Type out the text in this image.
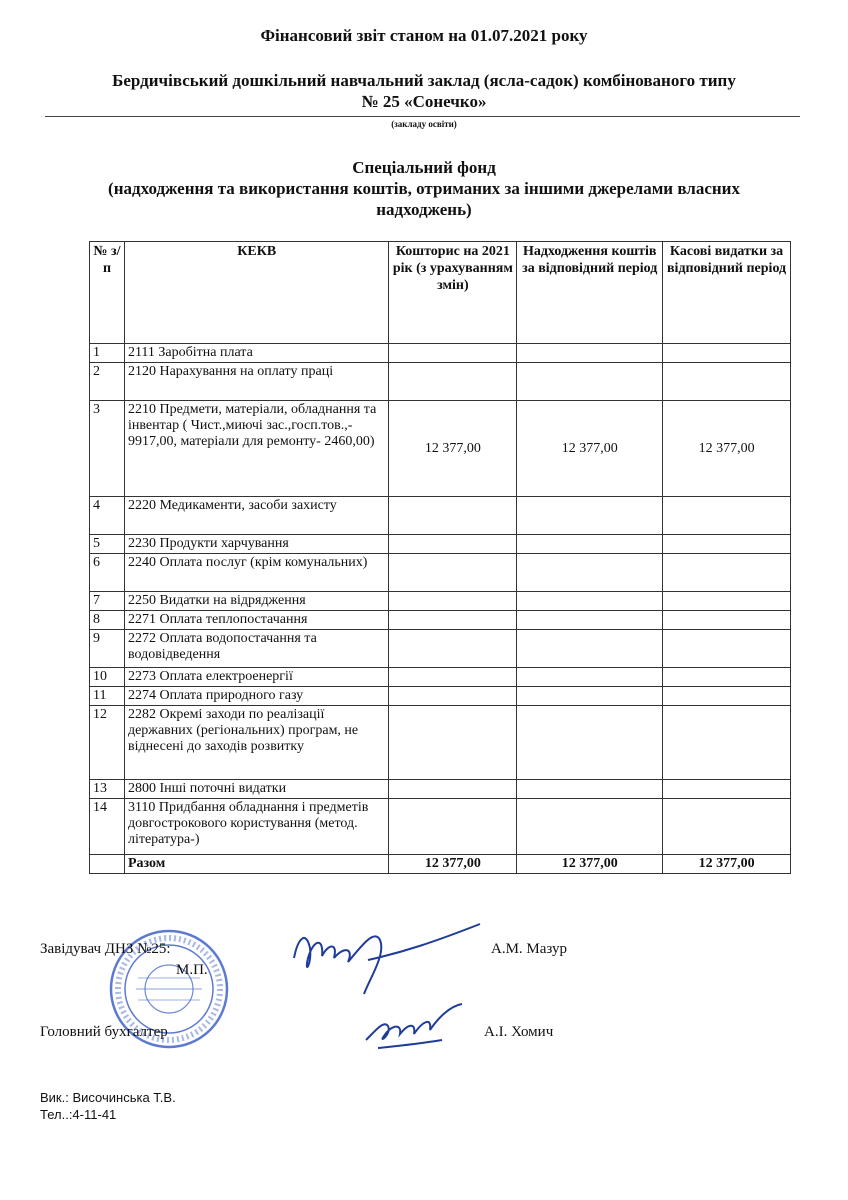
Фінансовий звіт станом на 01.07.2021 року
Бердичівський дошкільний навчальний заклад (ясла-садок) комбінованого типу
№ 25 «Сонечко»
(закладу освіти)
Спеціальний фонд
(надходження та використання коштів, отриманих за іншими джерелами власних
надходжень)
№ з/п	КЕКВ	Кошторис на 2021 рік (з урахуванням змін)	Надходження коштів за відповідний період	Касові видатки за відповідний період
1	2111 Заробітна плата			
2	2120 Нарахування на оплату праці			
3	2210 Предмети, матеріали, обладнання та інвентар ( Чист.,миючі зас.,госп.тов.,- 9917,00, матеріали для ремонту- 2460,00)	12 377,00	12 377,00	12 377,00
4	2220 Медикаменти, засоби захисту			
5	2230 Продукти харчування			
6	2240 Оплата послуг (крім комунальних)			
7	2250 Видатки на відрядження			
8	2271 Оплата теплопостачання			
9	2272 Оплата водопостачання та водовідведення			
10	2273 Оплата електроенергії			
11	2274 Оплата природного газу			
12	2282 Окремі заходи по реалізації державних (регіональних) програм, не віднесені до заходів розвитку			
13	2800 Інші поточні видатки			
14	3110 Придбання обладнання і предметів довгострокового користування (метод. література-)			
	Разом	12 377,00	12 377,00	12 377,00
Завідувач ДНЗ №25:
М.П.
А.М. Мазур
Головний бухгалтер	А.І. Хомич
Вик.: Височинська Т.В.
Тел..:4-11-41
